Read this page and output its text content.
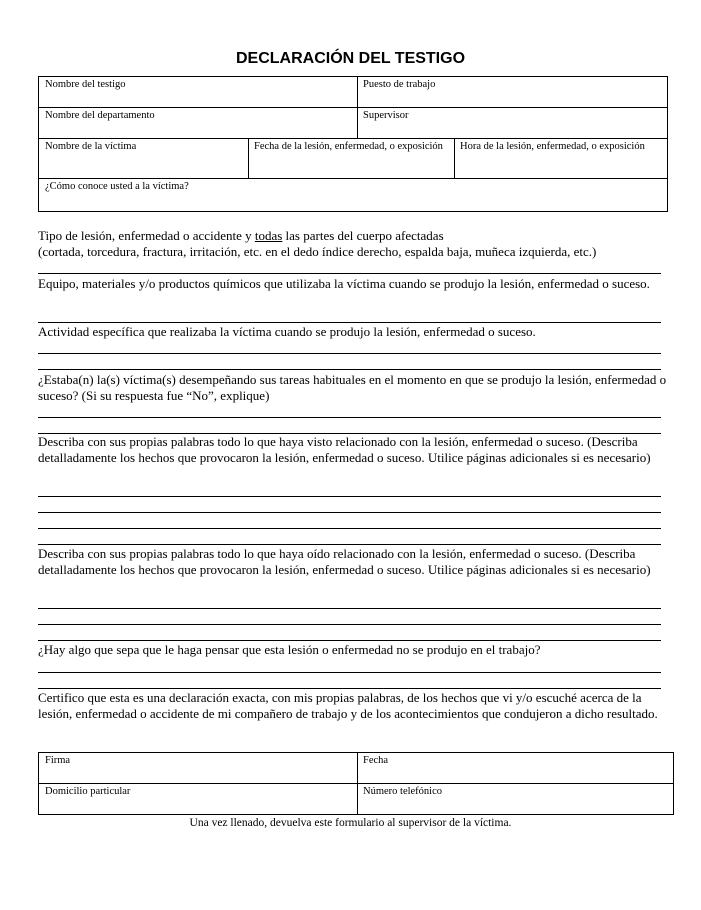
DECLARACIÓN DEL TESTIGO
Nombre del testigo	Puesto de trabajo
Nombre del departamento	Supervisor
Nombre de la víctima	Fecha de la lesión, enfermedad, o exposición	Hora de la lesión, enfermedad, o exposición
¿Cómo conoce usted a la víctima?
Tipo de lesión, enfermedad o accidente y todas las partes del cuerpo afectadas
(cortada, torcedura, fractura, irritación, etc. en el dedo índice derecho, espalda baja, muñeca izquierda, etc.)
Equipo, materiales y/o productos químicos que utilizaba la víctima cuando se produjo la lesión, enfermedad o suceso.
Actividad específica que realizaba la víctima cuando se produjo la lesión, enfermedad o suceso.
¿Estaba(n) la(s) víctima(s) desempeñando sus tareas habituales en el momento en que se produjo la lesión, enfermedad o suceso? (Si su respuesta fue “No”, explique)
Describa con sus propias palabras todo lo que haya visto relacionado con la lesión, enfermedad o suceso. (Describa detalladamente los hechos que provocaron la lesión, enfermedad o suceso. Utilice páginas adicionales si es necesario)
Describa con sus propias palabras todo lo que haya oído relacionado con la lesión, enfermedad o suceso. (Describa detalladamente los hechos que provocaron la lesión, enfermedad o suceso. Utilice páginas adicionales si es necesario)
¿Hay algo que sepa que le haga pensar que esta lesión o enfermedad no se produjo en el trabajo?
Certifico que esta es una declaración exacta, con mis propias palabras, de los hechos que vi y/o escuché acerca de la lesión, enfermedad o accidente de mi compañero de trabajo y de los acontecimientos que condujeron a dicho resultado.
Firma	Fecha
Domicilio particular	Número telefónico
Una vez llenado, devuelva este formulario al supervisor de la víctima.
